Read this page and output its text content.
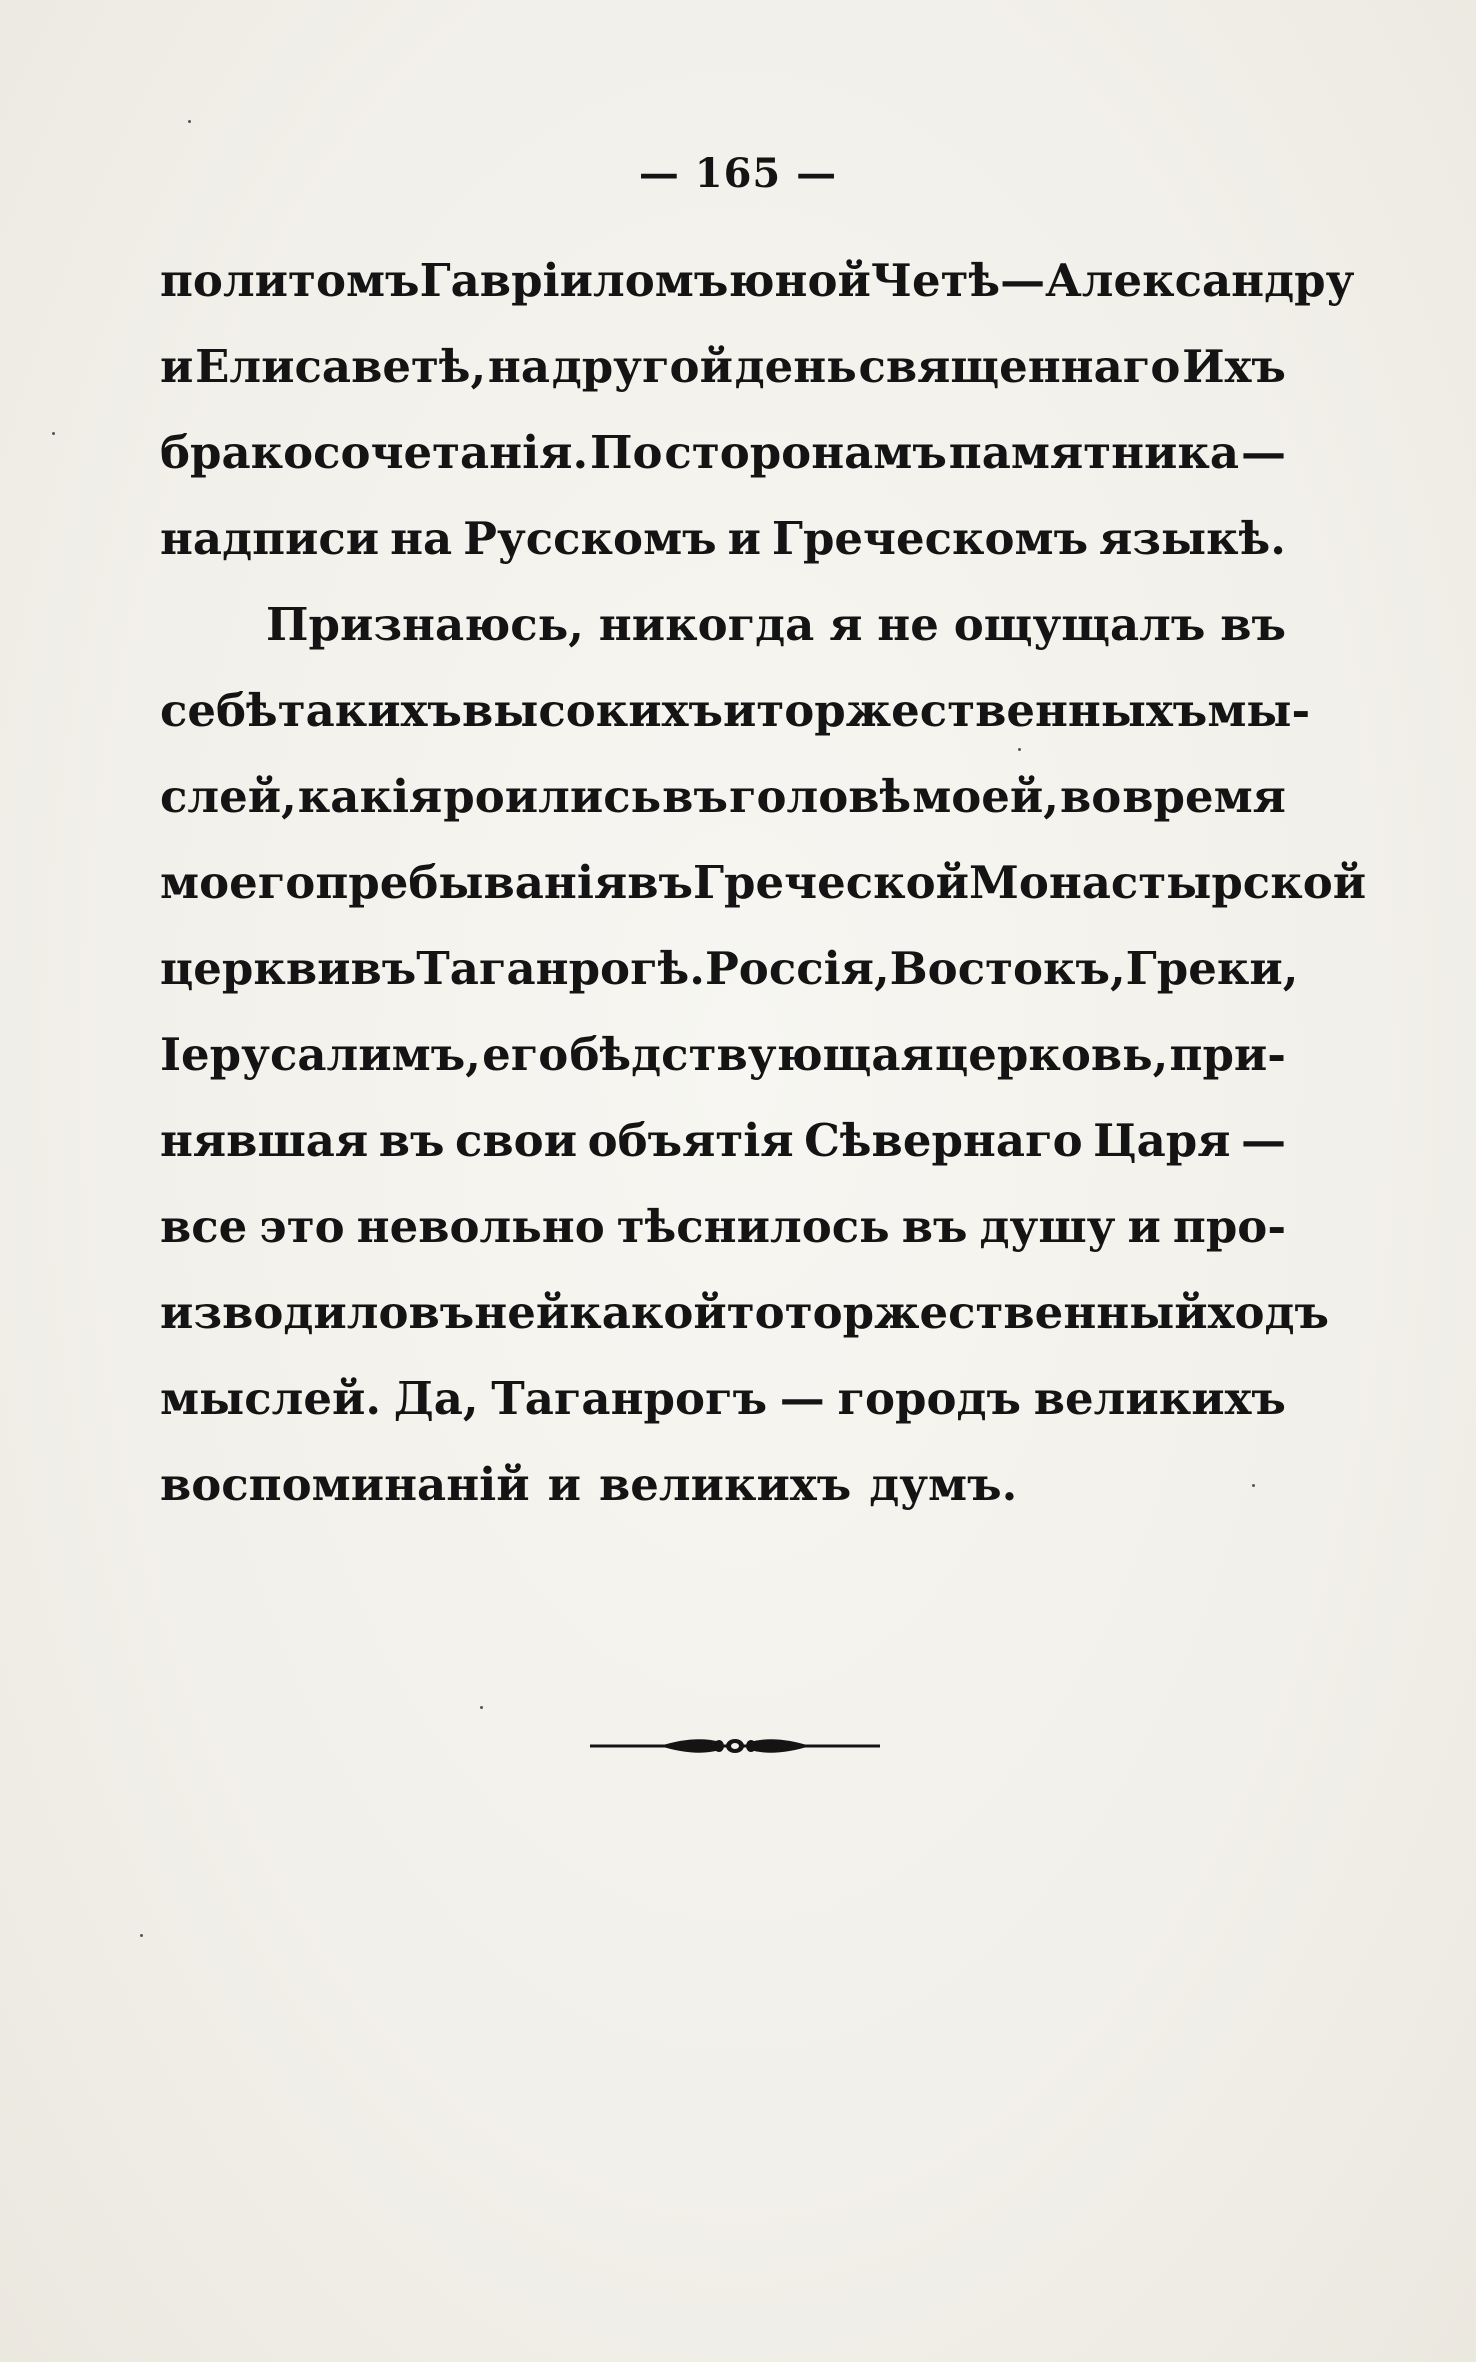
— 165 —
политомъ Гавріиломъ юной Четѣ — Александру
и Елисаветѣ, на другой день священнаго Ихъ
бракосочетанія. По сторонамъ памятника —
надписи на Русскомъ и Греческомъ языкѣ.
Признаюсь, никогда я не ощущалъ въ
себѣ такихъ высокихъ и торжественныхъ мы-
слей, какія роились въ головѣ моей, во время
моего пребыванія въ Греческой Монастырской
церкви въ Таганрогѣ. Россія, Востокъ, Греки,
Іерусалимъ, его бѣдствующая церковь, при-
нявшая въ свои объятія Сѣвернаго Царя —
все это невольно тѣснилось въ душу и про-
изводило въ ней какой то торжественный ходъ
мыслей. Да, Таганрогъ — городъ великихъ
воспоминаній и великихъ думъ.
